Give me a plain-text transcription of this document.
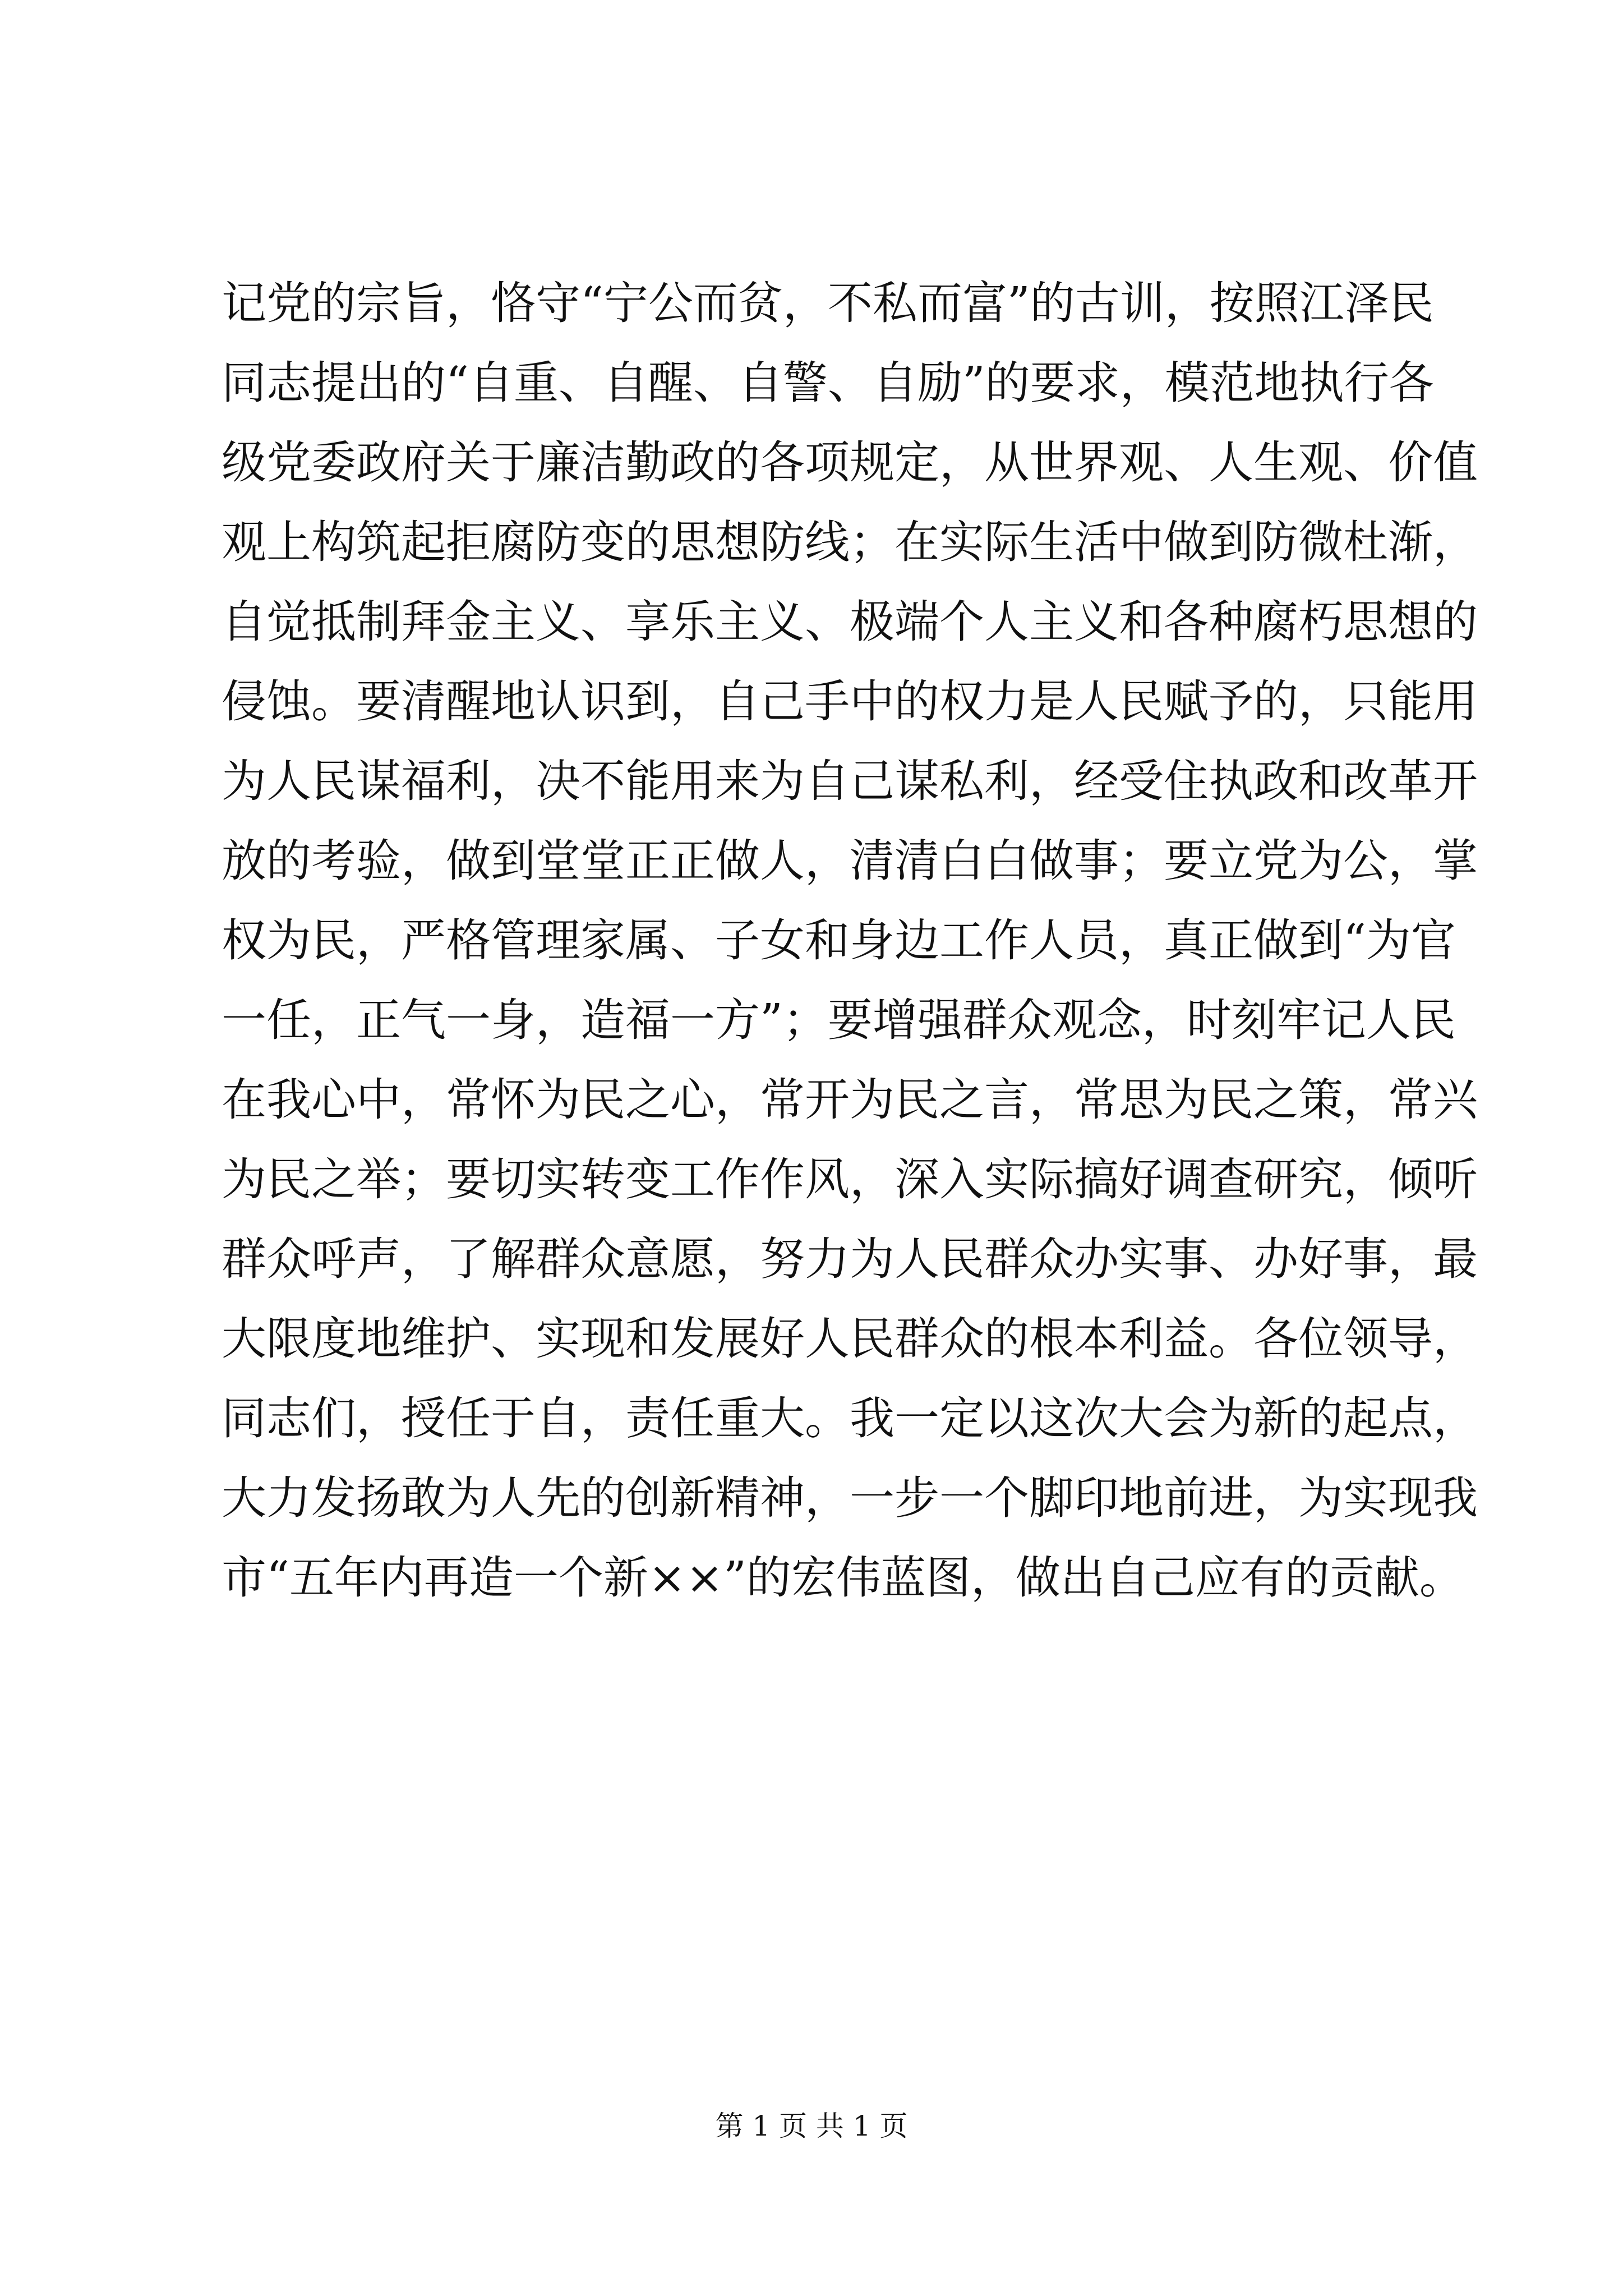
记党的宗旨，恪守“宁公而贫，不私而富”的古训，按照江泽民
同志提出的“自重、自醒、自警、自励”的要求，模范地执行各
级党委政府关于廉洁勤政的各项规定，从世界观、人生观、价值
观上构筑起拒腐防变的思想防线；在实际生活中做到防微杜渐，
自觉抵制拜金主义、享乐主义、极端个人主义和各种腐朽思想的
侵蚀。要清醒地认识到，自己手中的权力是人民赋予的，只能用
为人民谋福利，决不能用来为自己谋私利，经受住执政和改革开
放的考验，做到堂堂正正做人，清清白白做事；要立党为公，掌
权为民，严格管理家属、子女和身边工作人员，真正做到“为官
一任，正气一身，造福一方”；要增强群众观念，时刻牢记人民
在我心中，常怀为民之心，常开为民之言，常思为民之策，常兴
为民之举；要切实转变工作作风，深入实际搞好调查研究，倾听
群众呼声，了解群众意愿，努力为人民群众办实事、办好事，最
大限度地维护、实现和发展好人民群众的根本利益。各位领导，
同志们，授任于自，责任重大。我一定以这次大会为新的起点，
大力发扬敢为人先的创新精神，一步一个脚印地前进，为实现我
市“五年内再造一个新××”的宏伟蓝图，做出自己应有的贡献。
第 1 页 共 1 页
